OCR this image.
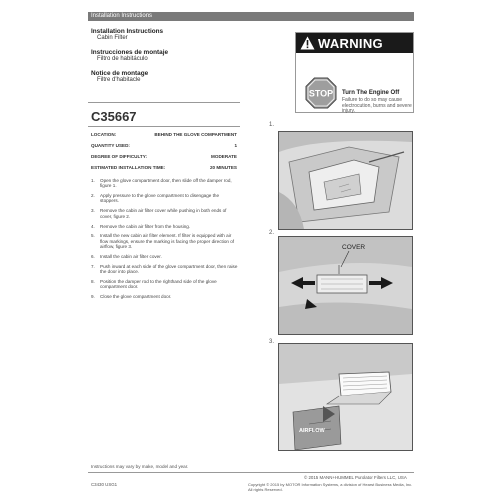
Installation Instructions
Installation Instructions
Cabin Filter
Instrucciones de montaje
Filtro de habitáculo
Notice de montage
Filtre d'habitacle
C35667
LOCATION:	BEHIND THE GLOVE COMPARTMENT
QUANTITY USED:	1
DEGREE OF DIFFICULTY:	MODERATE
ESTIMATED INSTALLATION TIME:	20 MINUTES
1.	Open the glove compartment door, then slide off the damper rod, figure 1.
2.	Apply pressure to the glove compartment to disengage the stoppers.
3.	Remove the cabin air filter cover while pushing in both ends of cover, figure 2.
4.	Remove the cabin air filter from the housing.
5.	Install the new cabin air filter element. If filter is equipped with air flow markings, ensure the marking is facing the proper direction of airflow, figure 3.
6.	Install the cabin air filter cover.
7.	Push inward at each side of the glove compartment door, then raise the door into place.
8.	Position the damper rod to the righthand side of the glove compartment door.
9.	Close the glove compartment door.
WARNING
STOP Turn The Engine Off
Failure to do so may cause electrocution, burns and severe injury.
1.
2.
COVER
3.
AIRFLOW
Instructions may vary by make, model and year.
© 2015 MANN+HUMMEL Purolator Filters LLC, USA
C3430 USG1	Copyright © 2015 by MOTOR Information Systems, a division of Hearst Business Media, Inc. All rights Reserved.
